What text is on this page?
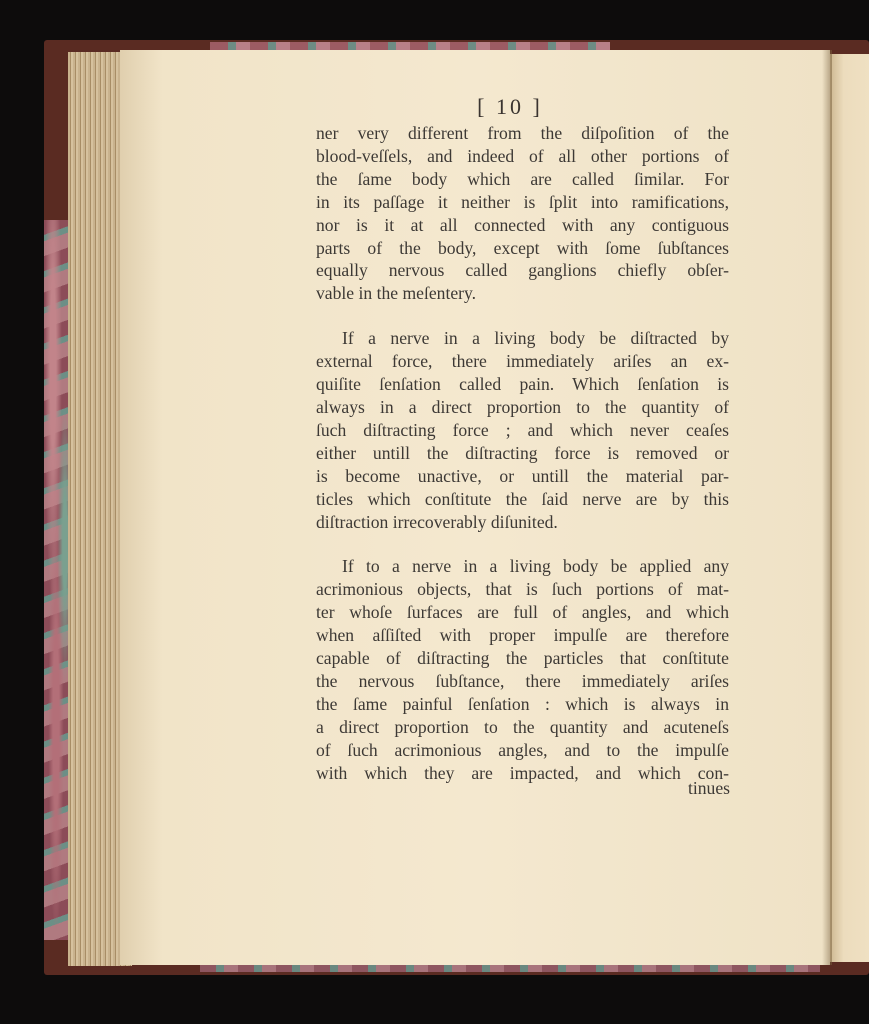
[ 10 ]
ner very different from the diſpoſition of the
blood-veſſels, and indeed of all other portions of
the ſame body which are called ſimilar. For
in its paſſage it neither is ſplit into ramifications,
nor is it at all connected with any contiguous
parts of the body, except with ſome ſubſtances
equally nervous called ganglions chiefly obſer-
vable in the meſentery.
If a nerve in a living body be diſtracted by
external force, there immediately ariſes an ex-
quiſite ſenſation called pain. Which ſenſation is
always in a direct proportion to the quantity of
ſuch diſtracting force ; and which never ceaſes
either untill the diſtracting force is removed or
is become unactive, or untill the material par-
ticles which conſtitute the ſaid nerve are by this
diſtraction irrecoverably diſunited.
If to a nerve in a living body be applied any
acrimonious objects, that is ſuch portions of mat-
ter whoſe ſurfaces are full of angles, and which
when aſſiſted with proper impulſe are therefore
capable of diſtracting the particles that conſtitute
the nervous ſubſtance, there immediately ariſes
the ſame painful ſenſation : which is always in
a direct proportion to the quantity and acuteneſs
of ſuch acrimonious angles, and to the impulſe
with which they are impacted, and which con-
tinues
